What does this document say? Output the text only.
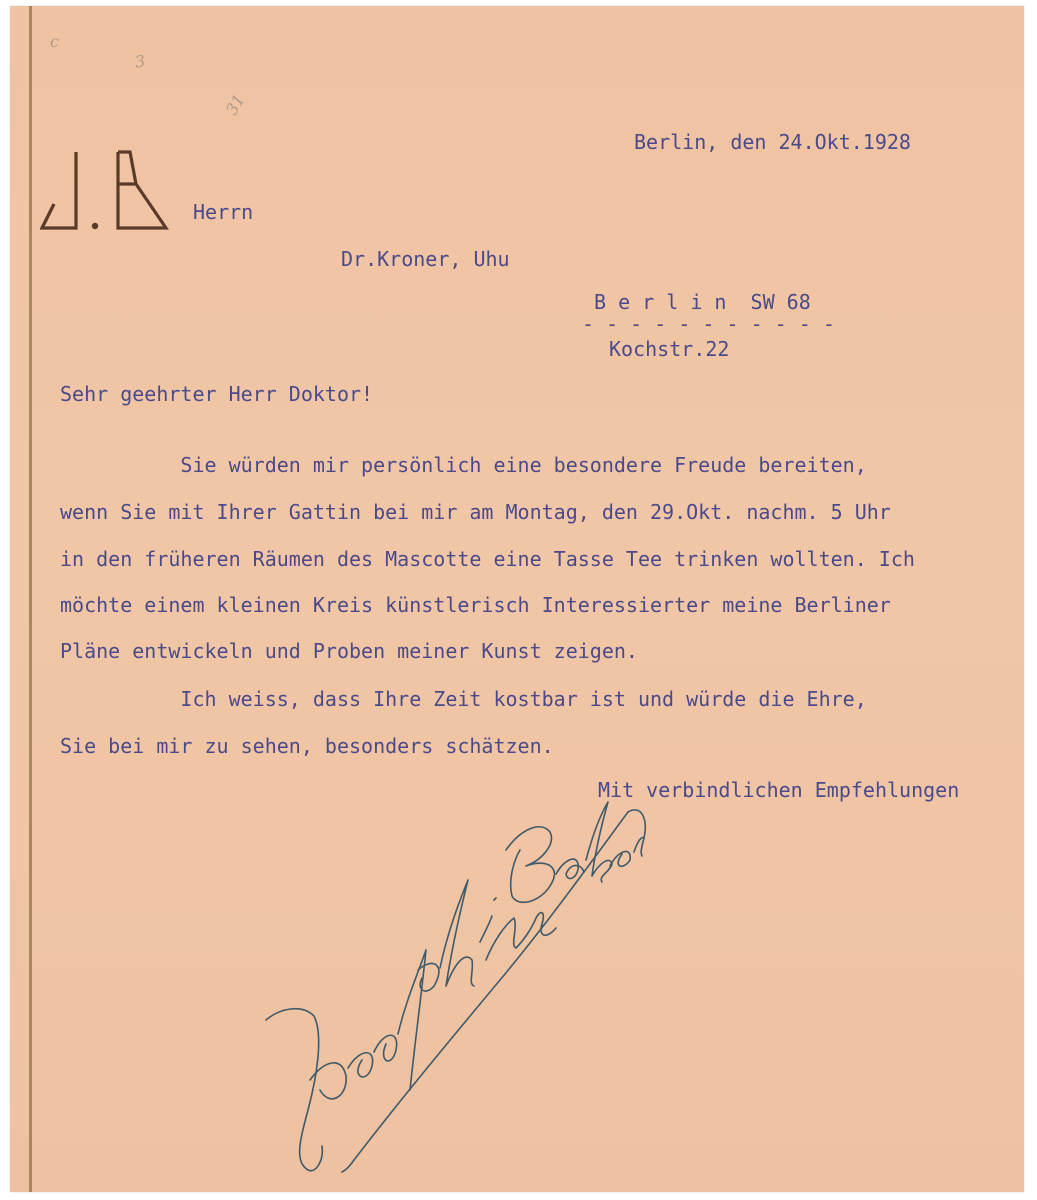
c
3
31
Berlin, den 24.Okt.1928
Herrn
Dr.Kroner, Uhu
B e r l i n  SW 68
- - - - - - - - - - -
Kochstr.22
Sehr geehrter Herr Doktor!
Sie würden mir persönlich eine besondere Freude bereiten,
wenn Sie mit Ihrer Gattin bei mir am Montag, den 29.Okt. nachm. 5 Uhr
in den früheren Räumen des Mascotte eine Tasse Tee trinken wollten. Ich
möchte einem kleinen Kreis künstlerisch Interessierter meine Berliner
Pläne entwickeln und Proben meiner Kunst zeigen.
Ich weiss, dass Ihre Zeit kostbar ist und würde die Ehre,
Sie bei mir zu sehen, besonders schätzen.
Mit verbindlichen Empfehlungen
